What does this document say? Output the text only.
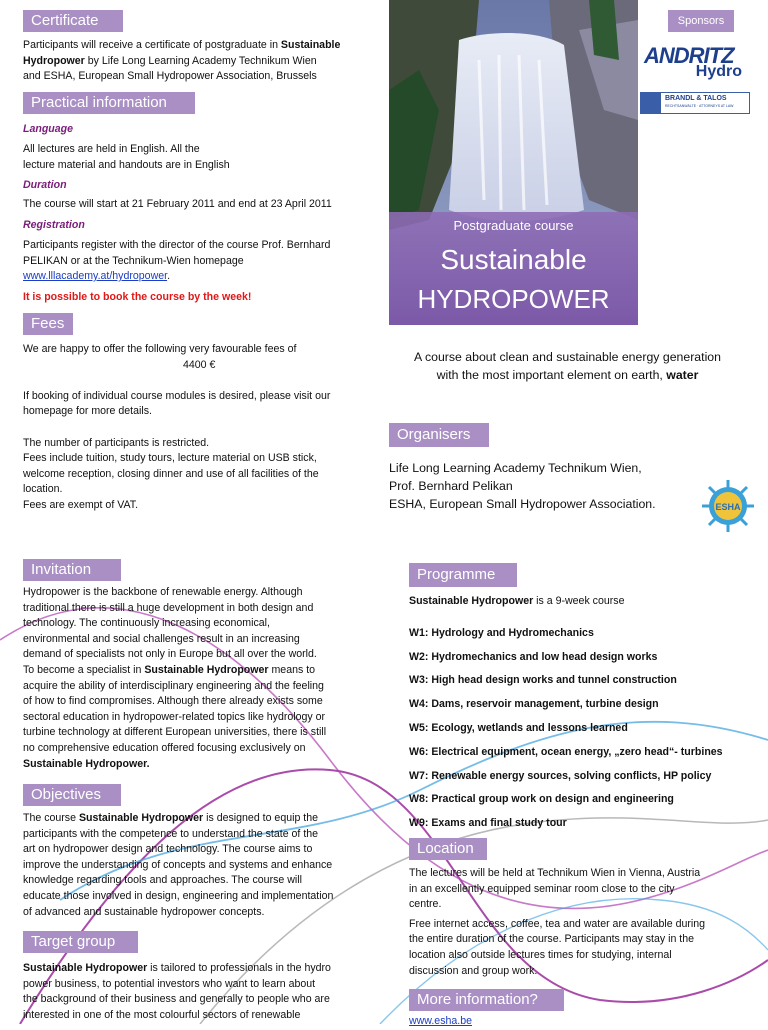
Certificate
Participants will receive a certificate of postgraduate in Sustainable
Hydropower by Life Long Learning Academy Technikum Wien
and ESHA, European Small Hydropower Association, Brussels
Practical information
Language
All lectures are held in English. All the
lecture material and handouts are in English
Duration
The course will start at 21 February 2011 and end at 23 April 2011
Registration
Participants register with the director of the course Prof. Bernhard
PELIKAN or at the Technikum-Wien homepage
www.lllacademy.at/hydropower.
It is possible to book the course by the week!
Fees
We are happy to offer the following very favourable fees of
4400 €

If booking of individual course modules is desired, please visit our
homepage for more details.

The number of participants is restricted.
Fees include tuition, study tours, lecture material on USB stick,
welcome reception, closing dinner and use of all facilities of the
location.
Fees are exempt of VAT.
Postgraduate course
Sustainable
HYDROPOWER
Sponsors
ANDRITZ
Hydro
BRANDL & TALOS
RECHTSANWÄLTE · ATTORNEYS AT LAW
A course about clean and sustainable energy generation
with the most important element on earth, water
Organisers
Life Long Learning Academy Technikum Wien,
Prof. Bernhard Pelikan
ESHA, European Small Hydropower Association.	ESHA
Invitation
Hydropower is the backbone of renewable energy. Although
traditional there is still a huge development in both design and
technology. The continuously increasing economical,
environmental and social challenges result in an increasing
demand of specialists not only in Europe but all over the world.
To become a specialist in Sustainable Hydropower means to
acquire the ability of interdisciplinary engineering and the feeling
of how to find compromises. Although there already exists some
sectoral education in hydropower-related topics like hydrology or
turbine technology at different European universities, there is still
no comprehensive education offered focusing exclusively on
Sustainable Hydropower.
Objectives
The course Sustainable Hydropower is designed to equip the
participants with the competence to understand the state of the
art on hydropower design and technology. The course aims to
improve the understanding of concepts and systems and enhance
knowledge regarding tools and approaches. The course will
educate those involved in design, engineering and implementation
of advanced and sustainable hydropower concepts.
Target group
Sustainable Hydropower is tailored to professionals in the hydro
power business, to potential investors who want to learn about
the background of their business and generally to people who are
interested in one of the most colourful sectors of renewable
Programme
Sustainable Hydropower is a 9-week course
W1: Hydrology and Hydromechanics
W2: Hydromechanics and low head design works
W3: High head design works and tunnel construction
W4: Dams, reservoir management, turbine design
W5: Ecology, wetlands and lessons learned
W6: Electrical equipment, ocean energy, „zero head“- turbines
W7: Renewable energy sources, solving conflicts, HP policy
W8: Practical group work on design and engineering
W9: Exams and final study tour
Location
The lectures will be held at Technikum Wien in Vienna, Austria
in an excellently equipped seminar room close to the city
centre.
Free internet access, coffee, tea and water are available during
the entire duration of the course. Participants may stay in the
location also outside lectures times for studying, internal
discussion and group work.
More information?
www.esha.be
